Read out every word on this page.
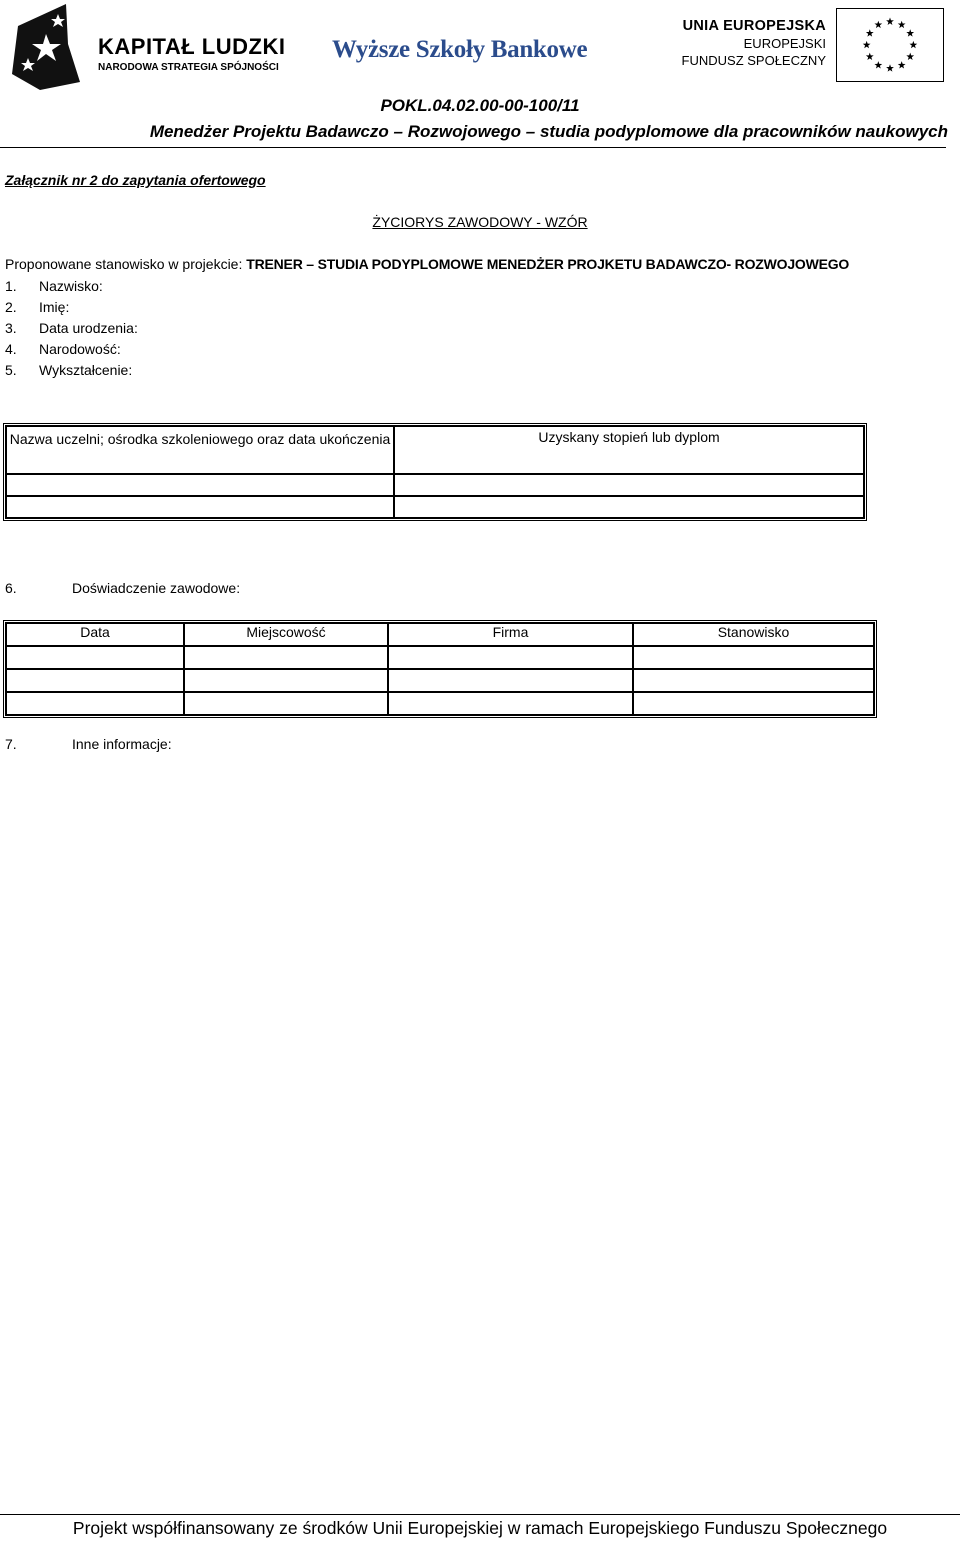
KAPITAŁ LUDZKI
NARODOWA STRATEGIA SPÓJNOŚCI
Wyższe Szkoły Bankowe
UNIA EUROPEJSKA
EUROPEJSKI
FUNDUSZ SPOŁECZNY
POKL.04.02.00-00-100/11
Menedżer Projektu Badawczo – Rozwojowego – studia podyplomowe dla pracowników naukowych
Załącznik nr 2 do zapytania ofertowego
ŻYCIORYS ZAWODOWY - WZÓR
Proponowane stanowisko w projekcie: TRENER – STUDIA PODYPLOMOWE MENEDŻER PROJKETU BADAWCZO- ROZWOJOWEGO
1. Nazwisko:
2. Imię:
3. Data urodzenia:
4. Narodowość:
5. Wykształcenie:
Nazwa uczelni; ośrodka szkoleniowego oraz data ukończenia	Uzyskany stopień lub dyplom

6.	Doświadczenie zawodowe:
Data	Miejscowość	Firma	Stanowisko

7.	Inne informacje:
Projekt współfinansowany ze środków Unii Europejskiej w ramach Europejskiego Funduszu Społecznego
